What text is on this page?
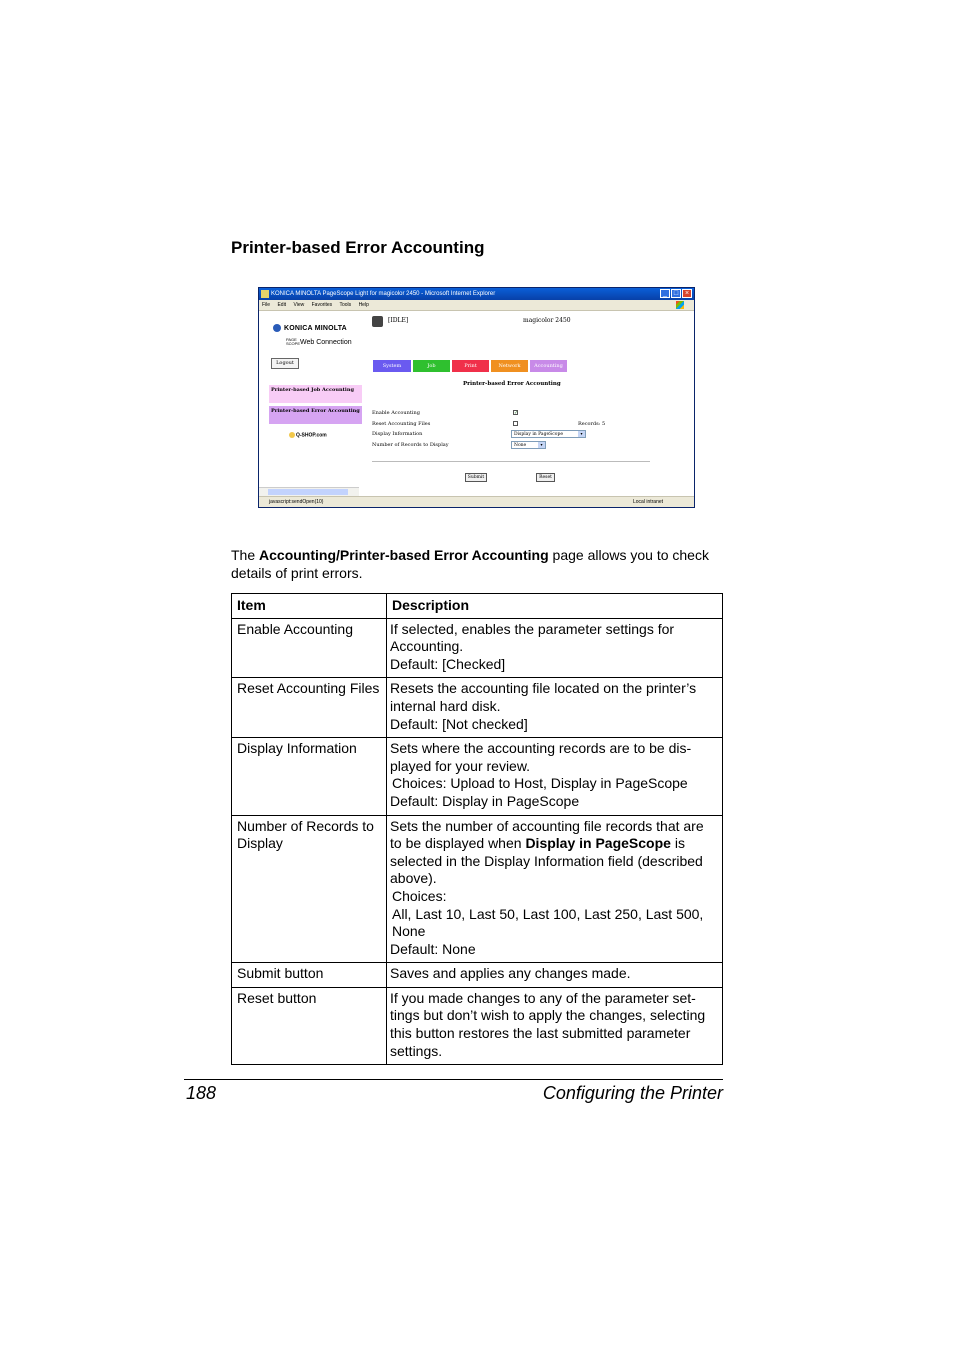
Printer-based Error Accounting
KONICA MINOLTA PageScope Light for magicolor 2450 - Microsoft Internet Explorer	_ □ ×
File Edit View Favorites Tools Help
KONICA MINOLTA
PAGE SCOPEWeb Connection
Logout
Printer-based Job Accounting
Printer-based Error Accounting
Q-SHOP.com
[IDLE]	magicolor 2450
System	Job	Print	Network	Accounting
Printer-based Error Accounting
Enable Accounting	✓
Reset Accounting Files	Records: 5
Display Information	Display in PageScope	▾
Number of Records to Display	None	▾
Submit	Reset
javascript:sendOpen(10)	Local intranet
The Accounting/Printer-based Error Accounting page allows you to check details of print errors.
Item	Description
Enable Accounting	If selected, enables the parameter settings for Accounting.
Default: [Checked]

Reset Accounting Files	Resets the accounting file located on the printer’s internal hard disk.
Default: [Not checked]

Display Information	Sets where the accounting records are to be dis-played for your review.
Choices: Upload to Host, Display in PageScope
Default: Display in PageScope

Number of Records to Display	Sets the number of accounting file records that are to be displayed when Display in PageScope is selected in the Display Information field (described above).
Choices:
All, Last 10, Last 50, Last 100, Last 250, Last 500, None
Default: None

Submit button	Saves and applies any changes made.

Reset button	If you made changes to any of the parameter set-tings but don’t wish to apply the changes, selecting this button restores the last submitted parameter settings.
188	Configuring the Printer
